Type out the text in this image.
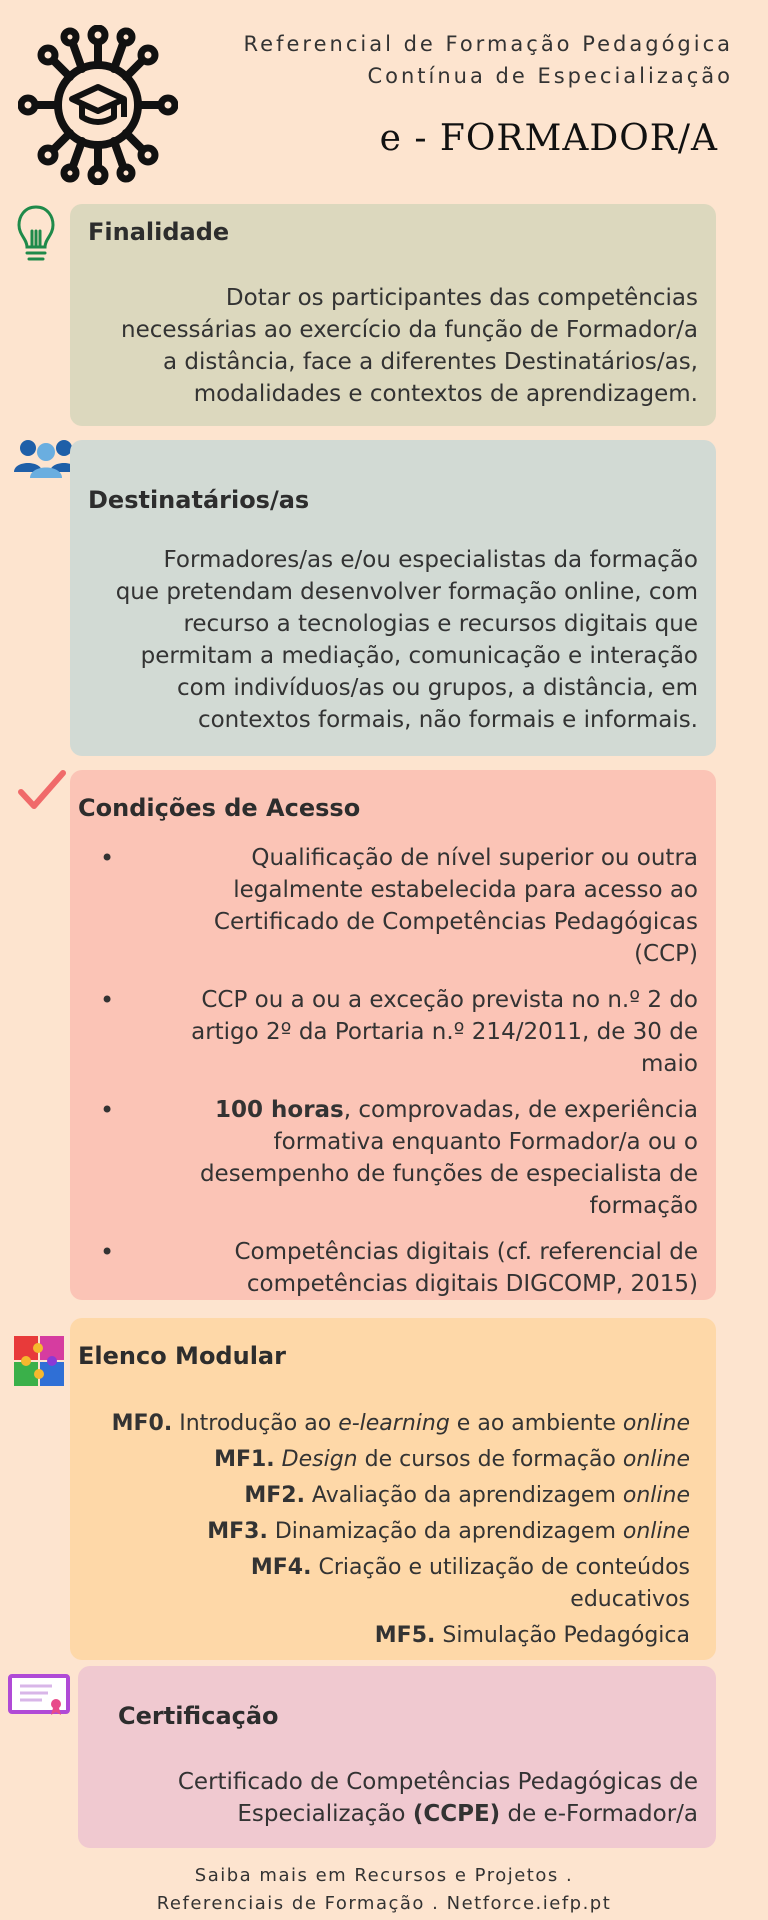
Referencial de Formação Pedagógica
Contínua de Especialização
e - FORMADOR/A
Finalidade
Dotar os participantes das competências
necessárias ao exercício da função de Formador/a
a distância, face a diferentes Destinatários/as,
modalidades e contextos de aprendizagem.
Destinatários/as
Formadores/as e/ou especialistas da formação
que pretendam desenvolver formação online, com
recurso a tecnologias e recursos digitais que
permitam a mediação, comunicação e interação
com indivíduos/as ou grupos, a distância, em
contextos formais, não formais e informais.
Condições de Acesso
•	Qualificação de nível superior ou outra
legalmente estabelecida para acesso ao
Certificado de Competências Pedagógicas
(CCP)
•	CCP ou a ou a exceção prevista no n.º 2 do
artigo 2º da Portaria n.º 214/2011, de 30 de maio
•	100 horas, comprovadas, de experiência
formativa enquanto Formador/a ou o
desempenho de funções de especialista de
formação
•	Competências digitais (cf. referencial de
competências digitais DIGCOMP, 2015)
Elenco Modular
MF0. Introdução ao e-learning e ao ambiente online
MF1. Design de cursos de formação online
MF2. Avaliação da aprendizagem online
MF3. Dinamização da aprendizagem online
MF4. Criação e utilização de conteúdos
educativos
MF5. Simulação Pedagógica
Certificação
Certificado de Competências Pedagógicas de
Especialização (CCPE) de e-Formador/a
Saiba mais em Recursos e Projetos .
Referenciais de Formação . Netforce.iefp.pt
